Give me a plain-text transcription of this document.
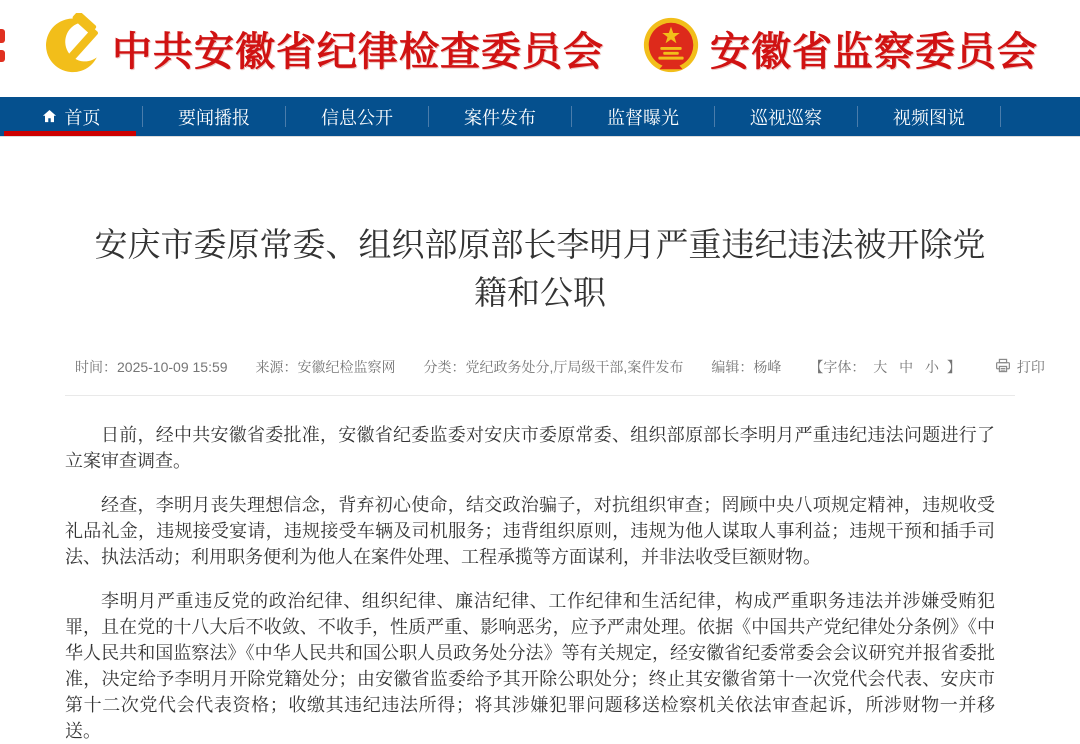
中共安徽省纪律检查委员会	安徽省监察委员会
首页	要闻播报	信息公开	案件发布	监督曝光	巡视巡察	视频图说
安庆市委原常委、组织部原部长李明月严重违纪违法被开除党籍和公职
时间：2025-10-09 15:59 来源：安徽纪检监察网 分类：党纪政务处分,厅局级干部,案件发布 编辑：杨峰 【字体： 大 中 小 】	打印

日前，经中共安徽省委批准，安徽省纪委监委对安庆市委原常委、组织部原部长李明月严重违纪违法问题进行了立案审查调查。

经查，李明月丧失理想信念，背弃初心使命，结交政治骗子，对抗组织审查；罔顾中央八项规定精神，违规收受礼品礼金，违规接受宴请，违规接受车辆及司机服务；违背组织原则，违规为他人谋取人事利益；违规干预和插手司法、执法活动；利用职务便利为他人在案件处理、工程承揽等方面谋利，并非法收受巨额财物。

李明月严重违反党的政治纪律、组织纪律、廉洁纪律、工作纪律和生活纪律，构成严重职务违法并涉嫌受贿犯罪，且在党的十八大后不收敛、不收手，性质严重、影响恶劣，应予严肃处理。依据《中国共产党纪律处分条例》《中华人民共和国监察法》《中华人民共和国公职人员政务处分法》等有关规定，经安徽省纪委常委会会议研究并报省委批准，决定给予李明月开除党籍处分；由安徽省监委给予其开除公职处分；终止其安徽省第十一次党代会代表、安庆市第十二次党代会代表资格；收缴其违纪违法所得；将其涉嫌犯罪问题移送检察机关依法审查起诉，所涉财物一并移送。
